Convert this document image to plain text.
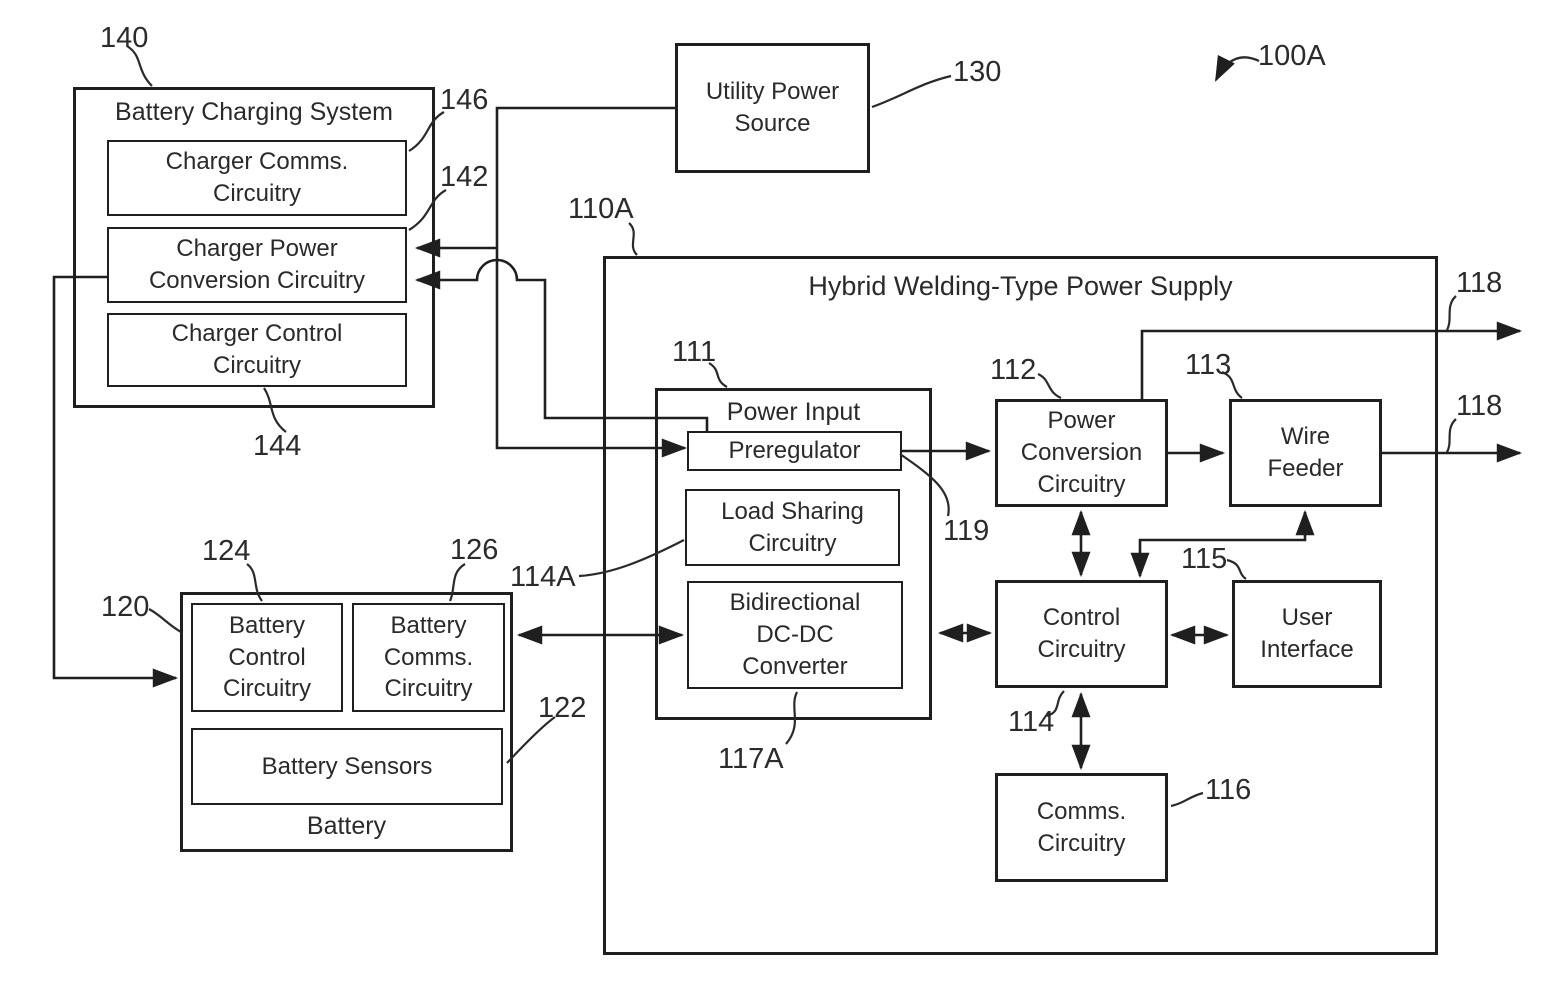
Battery Charging System
Charger Comms.
Circuitry
Charger Power
Conversion Circuitry
Charger Control
Circuitry
Utility Power
Source
Hybrid Welding-Type Power Supply
Power Input
Preregulator
Load Sharing
Circuitry
Bidirectional
DC-DC
Converter
Power
Conversion
Circuitry
Wire
Feeder
Control
Circuitry
User
Interface
Comms.
Circuitry
Battery
Battery
Control
Circuitry
Battery
Comms.
Circuitry
Battery Sensors
140
146
142
144
130	100A
110A
111
119
112	113
118
118
115
114
116
114A
117A
124	126
120
122
